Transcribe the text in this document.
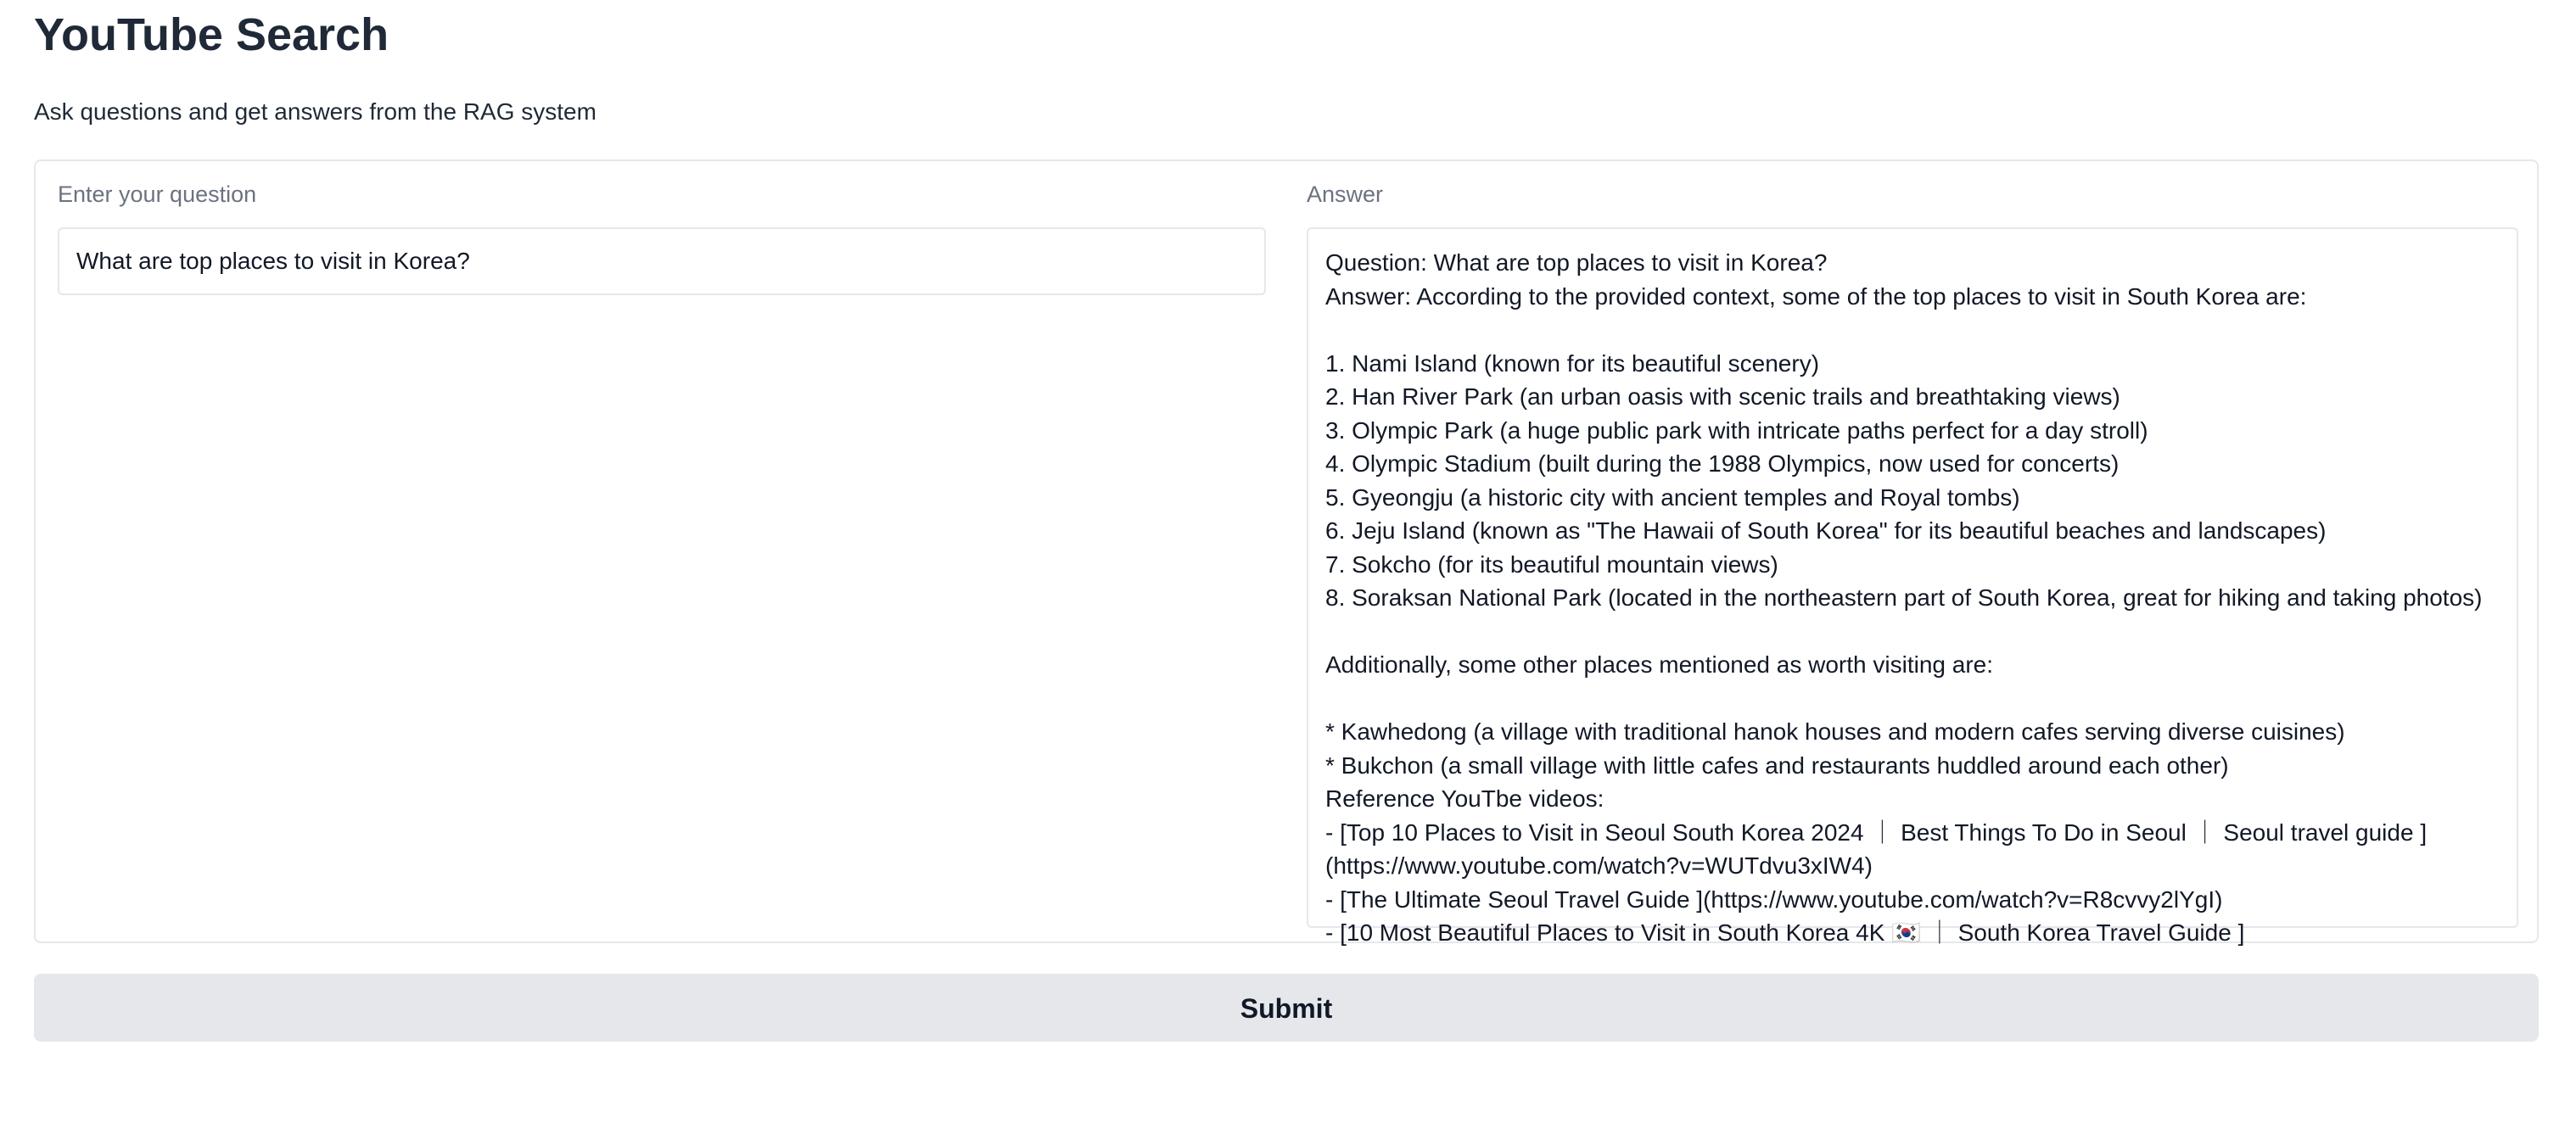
YouTube Search
Ask questions and get answers from the RAG system
Enter your question
What are top places to visit in Korea?
Answer
Question: What are top places to visit in Korea?
Answer: According to the provided context, some of the top places to visit in South Korea are:

1. Nami Island (known for its beautiful scenery)
2. Han River Park (an urban oasis with scenic trails and breathtaking views)
3. Olympic Park (a huge public park with intricate paths perfect for a day stroll)
4. Olympic Stadium (built during the 1988 Olympics, now used for concerts)
5. Gyeongju (a historic city with ancient temples and Royal tombs)
6. Jeju Island (known as "The Hawaii of South Korea" for its beautiful beaches and landscapes)
7. Sokcho (for its beautiful mountain views)
8. Soraksan National Park (located in the northeastern part of South Korea, great for hiking and taking photos)

Additionally, some other places mentioned as worth visiting are:

* Kawhedong (a village with traditional hanok houses and modern cafes serving diverse cuisines)
* Bukchon (a small village with little cafes and restaurants huddled around each other)
Reference YouTbe videos:
- [Top 10 Places to Visit in Seoul South Korea 2024 ｜ Best Things To Do in Seoul ｜ Seoul travel guide ](https://www.youtube.com/watch?v=WUTdvu3xIW4)
- [The Ultimate Seoul Travel Guide ](https://www.youtube.com/watch?v=R8cvvy2lYgI)
- [10 Most Beautiful Places to Visit in South Korea 4K 🇰🇷 ｜ South Korea Travel Guide ]
Submit
